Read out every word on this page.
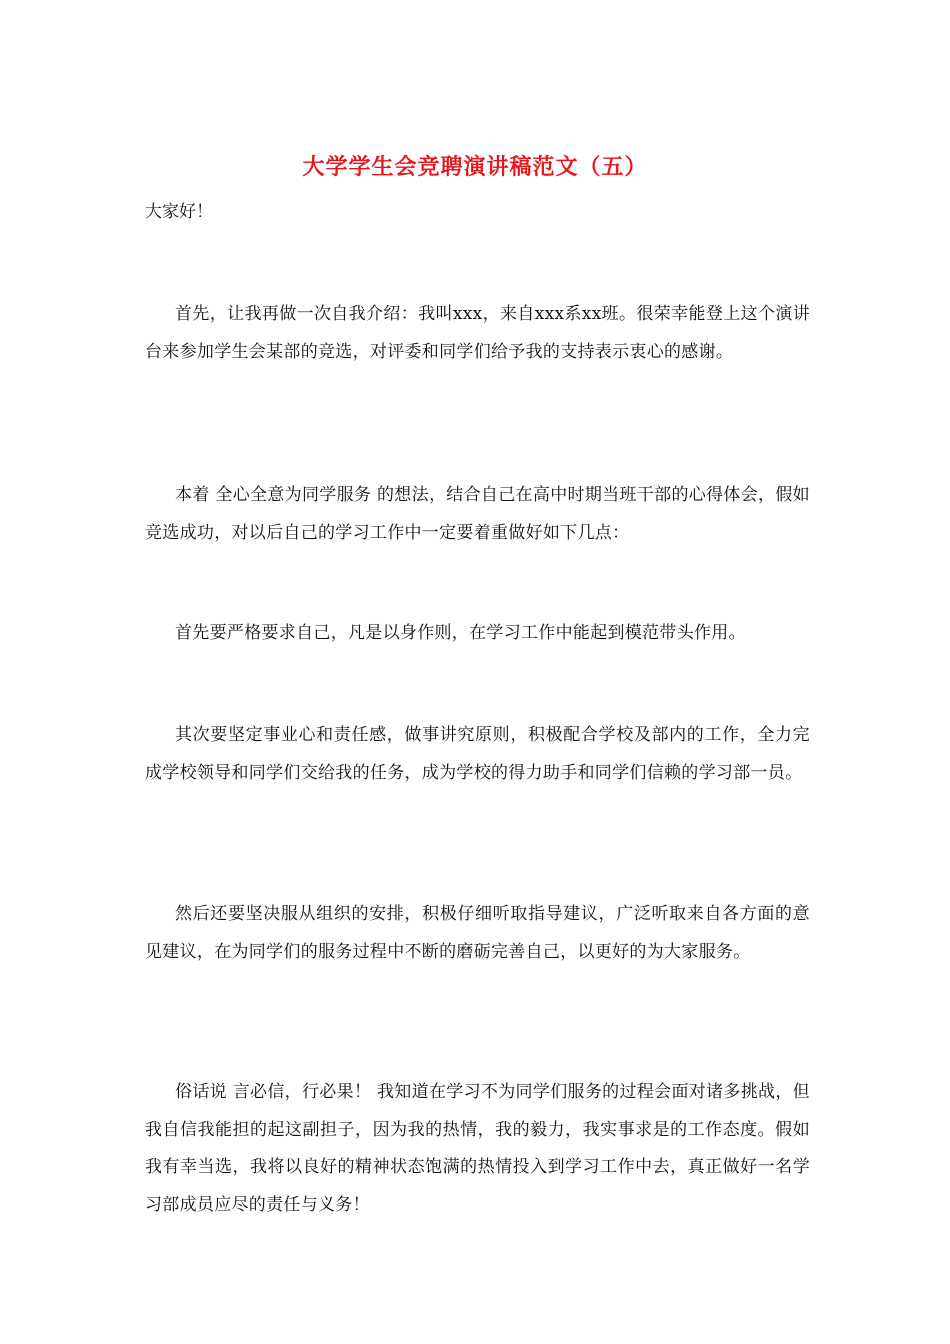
大学学生会竞聘演讲稿范文（五）
大家好！
首先，让我再做一次自我介绍：我叫xxx，来自xxx系xx班。很荣幸能登上这个演讲台来参加学生会某部的竞选，对评委和同学们给予我的支持表示衷心的感谢。
本着 全心全意为同学服务 的想法，结合自己在高中时期当班干部的心得体会，假如竞选成功，对以后自己的学习工作中一定要着重做好如下几点：
首先要严格要求自己，凡是以身作则，在学习工作中能起到模范带头作用。
其次要坚定事业心和责任感，做事讲究原则，积极配合学校及部内的工作，全力完成学校领导和同学们交给我的任务，成为学校的得力助手和同学们信赖的学习部一员。
然后还要坚决服从组织的安排，积极仔细听取指导建议，广泛听取来自各方面的意见建议，在为同学们的服务过程中不断的磨砺完善自己，以更好的为大家服务。
俗话说 言必信，行必果！ 我知道在学习不为同学们服务的过程会面对诸多挑战，但我自信我能担的起这副担子，因为我的热情，我的毅力，我实事求是的工作态度。假如我有幸当选，我将以良好的精神状态饱满的热情投入到学习工作中去，真正做好一名学习部成员应尽的责任与义务！
